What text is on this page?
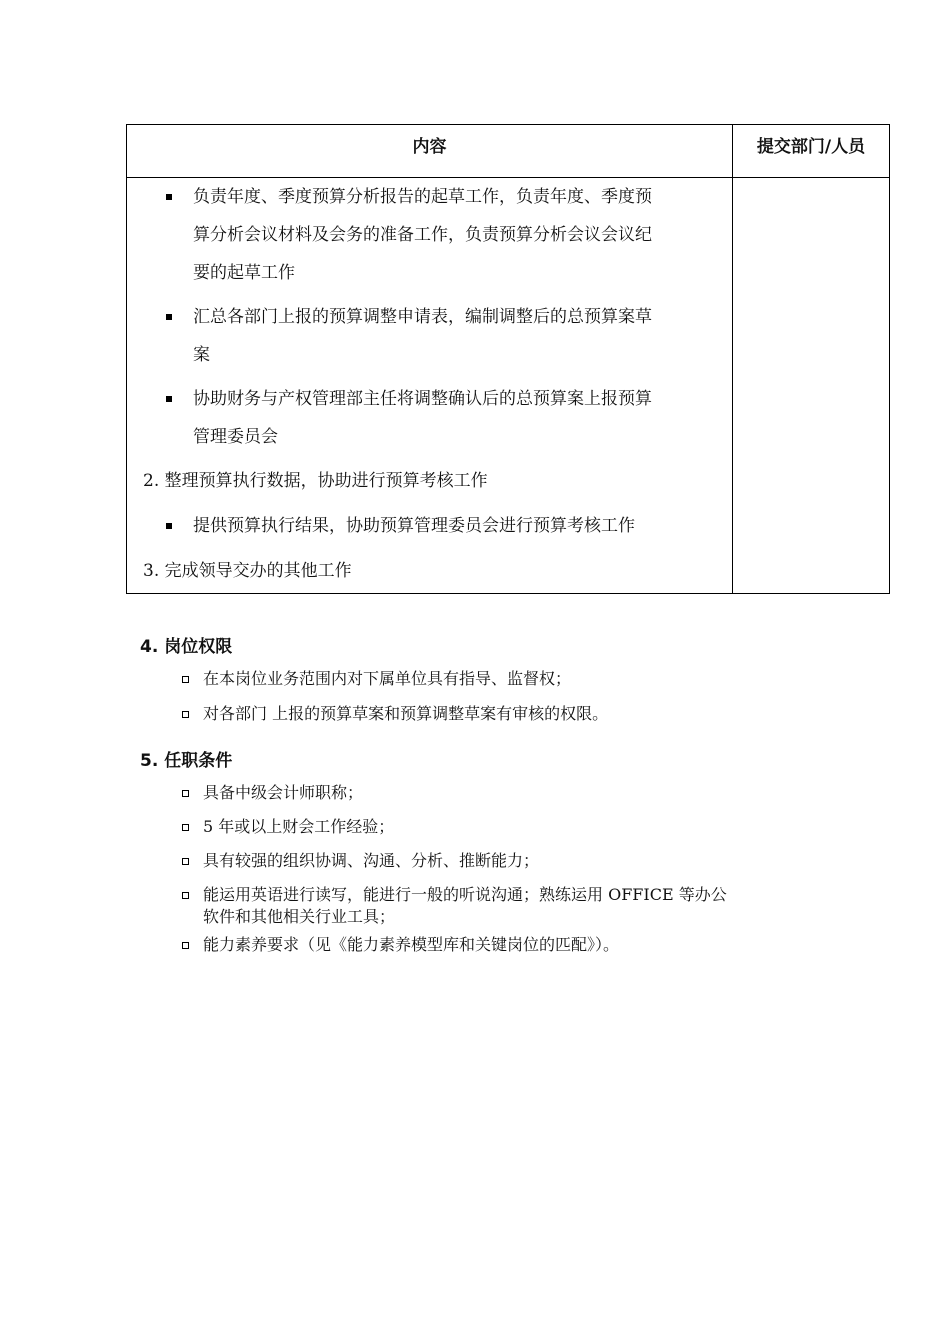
内容	提交部门/人员
负责年度、季度预算分析报告的起草工作，负责年度、季度预
算分析会议材料及会务的准备工作，负责预算分析会议会议纪
要的起草工作
汇总各部门上报的预算调整申请表，编制调整后的总预算案草
案
协助财务与产权管理部主任将调整确认后的总预算案上报预算
管理委员会
2. 整理预算执行数据，协助进行预算考核工作
提供预算执行结果，协助预算管理委员会进行预算考核工作
3. 完成领导交办的其他工作
4. 岗位权限
在本岗位业务范围内对下属单位具有指导、监督权；
对各部门 上报的预算草案和预算调整草案有审核的权限。
5. 任职条件
具备中级会计师职称；
5 年或以上财会工作经验；
具有较强的组织协调、沟通、分析、推断能力；
能运用英语进行读写，能进行一般的听说沟通；熟练运用 OFFICE 等办公
软件和其他相关行业工具；
能力素养要求（见《能力素养模型库和关键岗位的匹配》）。
